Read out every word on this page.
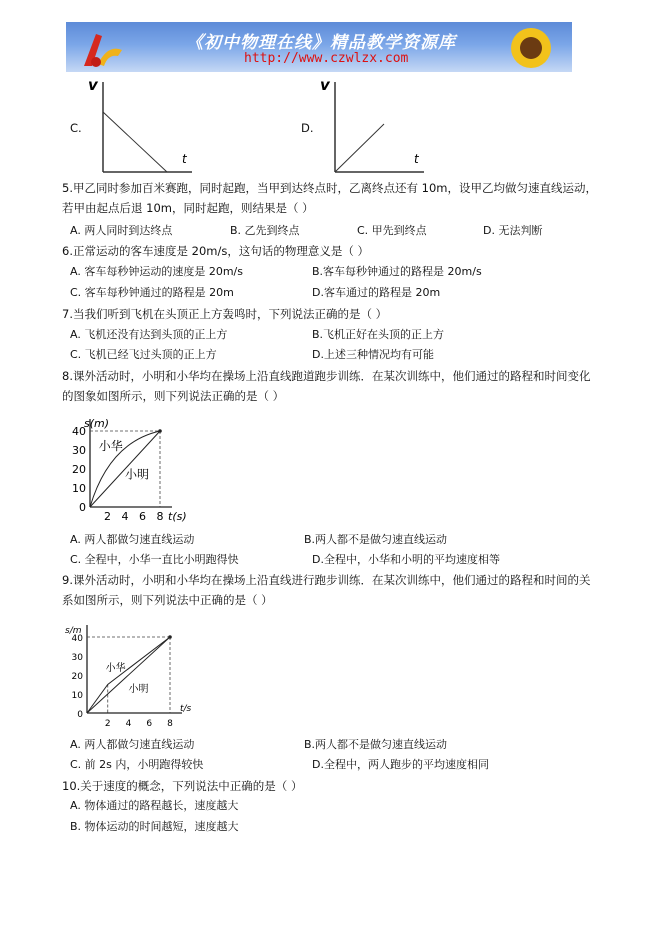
《初中物理在线》精品教学资源库
http://www.czwlzx.com
C.
v
t
D.
v
t
5.甲乙同时参加百米赛跑，同时起跑，当甲到达终点时，乙离终点还有 10m，设甲乙均做匀速直线运动，
若甲由起点后退 10m，同时起跑，则结果是（ ）
A. 两人同时到达终点	B. 乙先到终点	C. 甲先到终点	D. 无法判断
6.正常运动的客车速度是 20m/s，这句话的物理意义是（ ）
A. 客车每秒钟运动的速度是 20m/s	B.客车每秒钟通过的路程是 20m/s
C. 客车每秒钟通过的路程是 20m	D.客车通过的路程是 20m
7.当我们听到飞机在头顶正上方轰鸣时，下列说法正确的是（ ）
A. 飞机还没有达到头顶的正上方	B.飞机正好在头顶的正上方
C. 飞机已经飞过头顶的正上方	D.上述三种情况均有可能
8.课外活动时，小明和小华均在操场上沿直线跑道跑步训练．在某次训练中，他们通过的路程和时间变化
的图象如图所示，则下列说法正确的是（ ）
10
20
30
40
0
2 4 6 8
s(m)
t(s)
小华
小明
A. 两人都做匀速直线运动	B.两人都不是做匀速直线运动
C. 全程中，小华一直比小明跑得快	D.全程中，小华和小明的平均速度相等
9.课外活动时，小明和小华均在操场上沿直线进行跑步训练．在某次训练中，他们通过的路程和时间的关
系如图所示，则下列说法中正确的是（ ）
10
20
30
40
0
2 4 6 8
s/m
t/s
小华
小明
A. 两人都做匀速直线运动	B.两人都不是做匀速直线运动
C. 前 2s 内，小明跑得较快	D.全程中，两人跑步的平均速度相同
10.关于速度的概念，下列说法中正确的是（ ）
A. 物体通过的路程越长，速度越大
B. 物体运动的时间越短，速度越大
